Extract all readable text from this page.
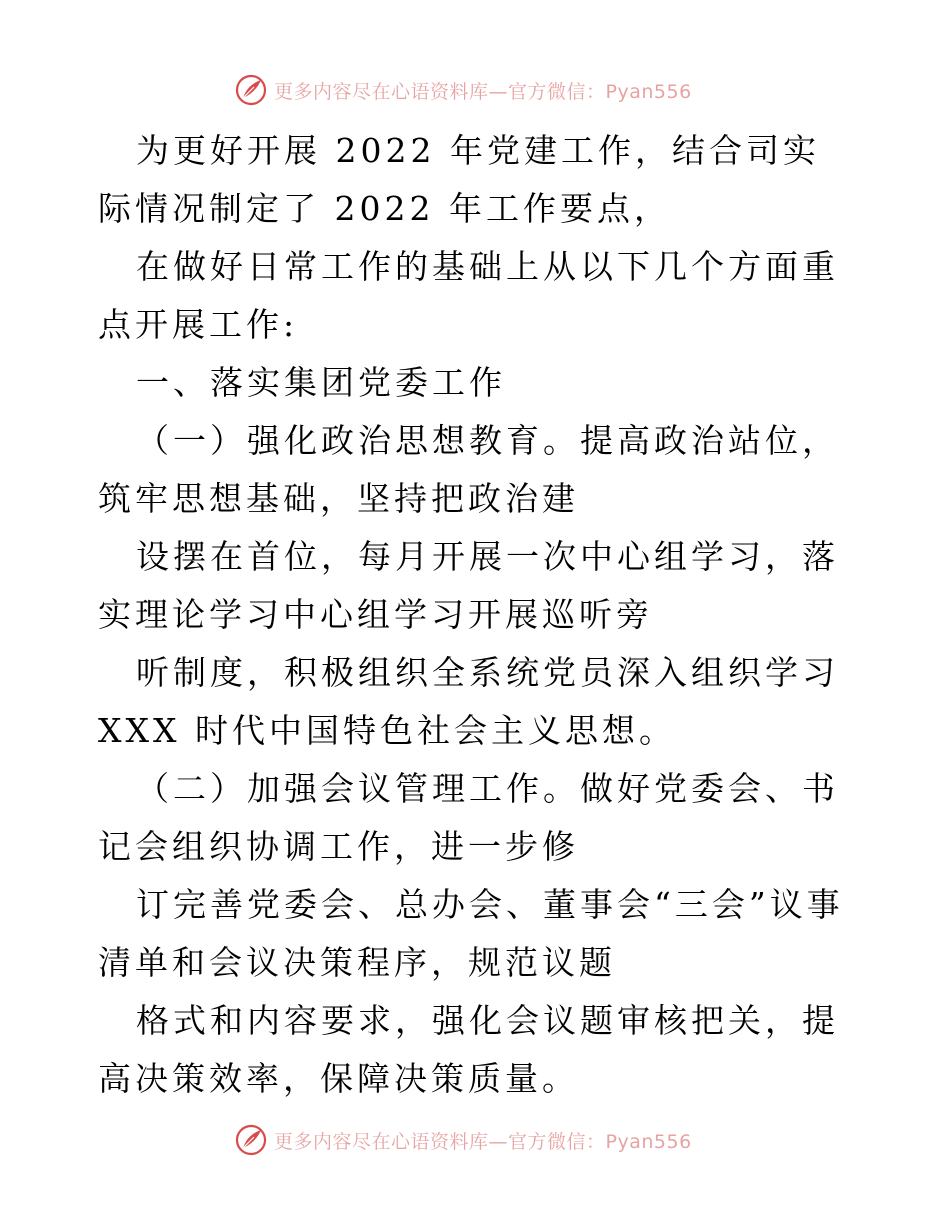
更多内容尽在心语资料库—官方微信：Pyan556

为更好开展 2022 年党建工作，结合司实际情况制定了 2022 年工作要点，

在做好日常工作的基础上从以下几个方面重点开展工作:

一、落实集团党委工作

（一）强化政治思想教育。提高政治站位，筑牢思想基础，坚持把政治建

设摆在首位，每月开展一次中心组学习，落实理论学习中心组学习开展巡听旁

听制度，积极组织全系统党员深入组织学习 XXX 时代中国特色社会主义思想。

（二）加强会议管理工作。做好党委会、书记会组织协调工作，进一步修

订完善党委会、总办会、董事会“三会”议事清单和会议决策程序，规范议题

格式和内容要求，强化会议题审核把关，提高决策效率，保障决策质量。

更多内容尽在心语资料库—官方微信：Pyan556
